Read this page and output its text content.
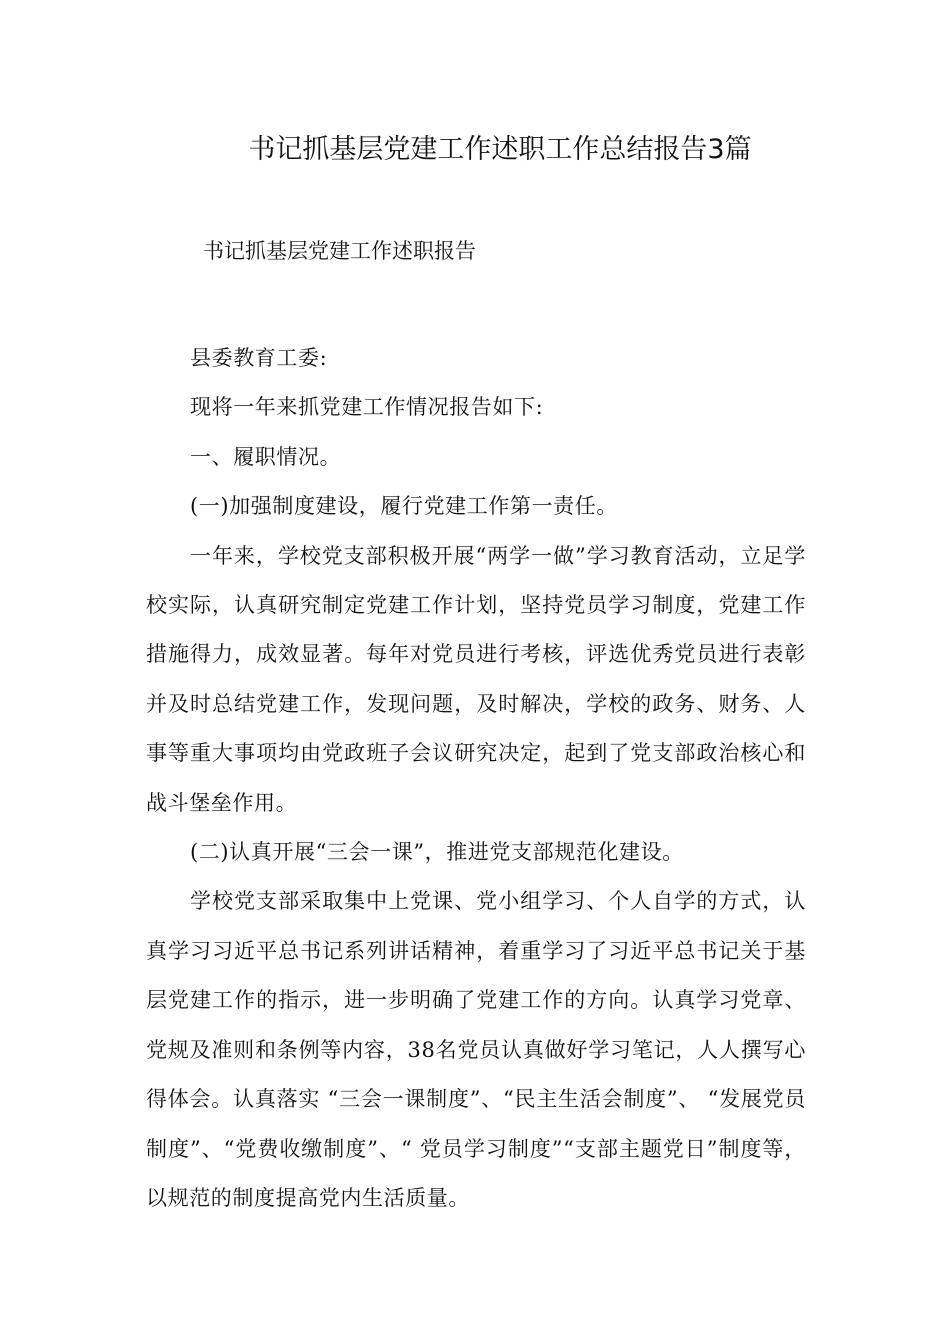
书记抓基层党建工作述职工作总结报告3篇
书记抓基层党建工作述职报告

县委教育工委:

现将一年来抓党建工作情况报告如下:

一、履职情况。

(一)加强制度建设，履行党建工作第一责任。

一年来，学校党支部积极开展“两学一做”学习教育活动，立足学校实际，认真研究制定党建工作计划，坚持党员学习制度，党建工作措施得力，成效显著。每年对党员进行考核，评选优秀党员进行表彰并及时总结党建工作，发现问题，及时解决，学校的政务、财务、人事等重大事项均由党政班子会议研究决定，起到了党支部政治核心和战斗堡垒作用。

(二)认真开展“三会一课”，推进党支部规范化建设。

学校党支部采取集中上党课、党小组学习、个人自学的方式，认真学习习近平总书记系列讲话精神，着重学习了习近平总书记关于基层党建工作的指示，进一步明确了党建工作的方向。认真学习党章、党规及准则和条例等内容，38名党员认真做好学习笔记，人人撰写心得体会。认真落实 “三会一课制度”、“民主生活会制度”、 “发展党员制度”、“党费收缴制度”、“ 党员学习制度”“支部主题党日”制度等，以规范的制度提高党内生活质量。
